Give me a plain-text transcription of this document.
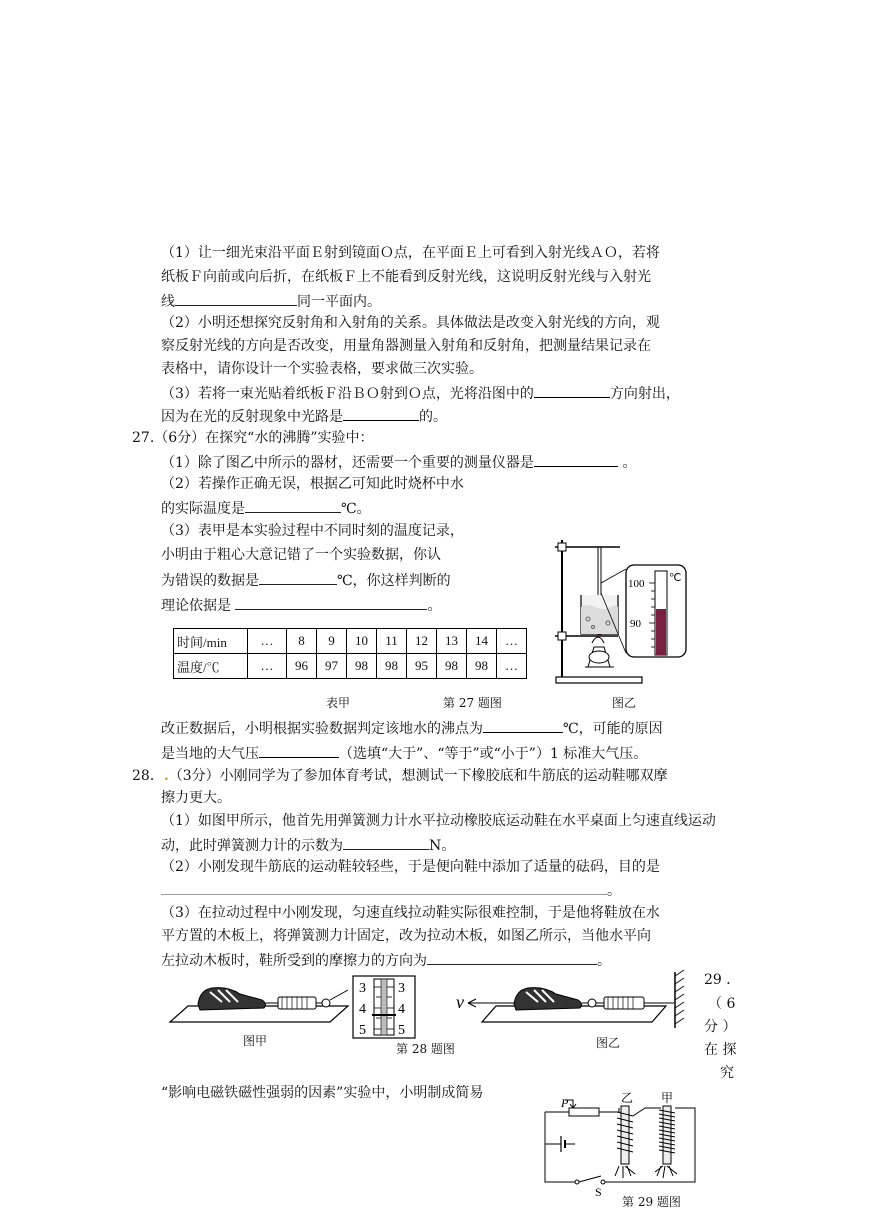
（1）让一细光束沿平面Ｅ射到镜面Ｏ点，在平面Ｅ上可看到入射光线ＡＯ，若将
纸板Ｆ向前或向后折，在纸板Ｆ上不能看到反射光线，这说明反射光线与入射光
线	同一平面内。
（2）小明还想探究反射角和入射角的关系。具体做法是改变入射光线的方向，观
察反射光线的方向是否改变，用量角器测量入射角和反射角，把测量结果记录在
表格中，请你设计一个实验表格，要求做三次实验。
（3）若将一束光贴着纸板Ｆ沿ＢＯ射到Ｏ点，光将沿图中的	方向射出，
因为在光的反射现象中光路是	的。
27.（6分）在探究“水的沸腾”实验中：
（1）除了图乙中所示的器材，还需要一个重要的测量仪器是	。
（2）若操作正确无误，根据乙可知此时烧杯中水
的实际温度是	℃。
（3）表甲是本实验过程中不同时刻的温度记录，
小明由于粗心大意记错了一个实验数据，你认
为错误的数据是	℃，你这样判断的
理论依据是	。
时间/min	…	8	9	10	11	12	13	14	…
温度/℃	…	96	97	98	98	95	98	98	…
表甲	第 27 题图	图乙
100
90
℃
改正数据后，小明根据实验数据判定该地水的沸点为	℃，可能的原因
是当地的大气压	（选填“大于”、“等于”或“小于”）1 标准大气压。
28．.（3分）小刚同学为了参加体育考试，想测试一下橡胶底和牛筋底的运动鞋哪双摩
擦力更大。
（1）如图甲所示，他首先用弹簧测力计水平拉动橡胶底运动鞋在水平桌面上匀速直线运动
动，此时弹簧测力计的示数为	N。
（2）小刚发现牛筋底的运动鞋较轻些，于是便向鞋中添加了适量的砝码，目的是
。
（3）在拉动过程中小刚发现，匀速直线拉动鞋实际很难控制，于是他将鞋放在水
平方置的木板上，将弹簧测力计固定，改为拉动木板，如图乙所示，当他水平向
左拉动木板时，鞋所受到的摩擦力的方向为	。
图甲
3
4
5
3
4
5
第 28 题图
v
图乙
29 ．
（ 6
分 ）
在 探
究
“影响电磁铁磁性强弱的因素”实验中，小明制成简易
P	乙 甲
S
第 29 题图
